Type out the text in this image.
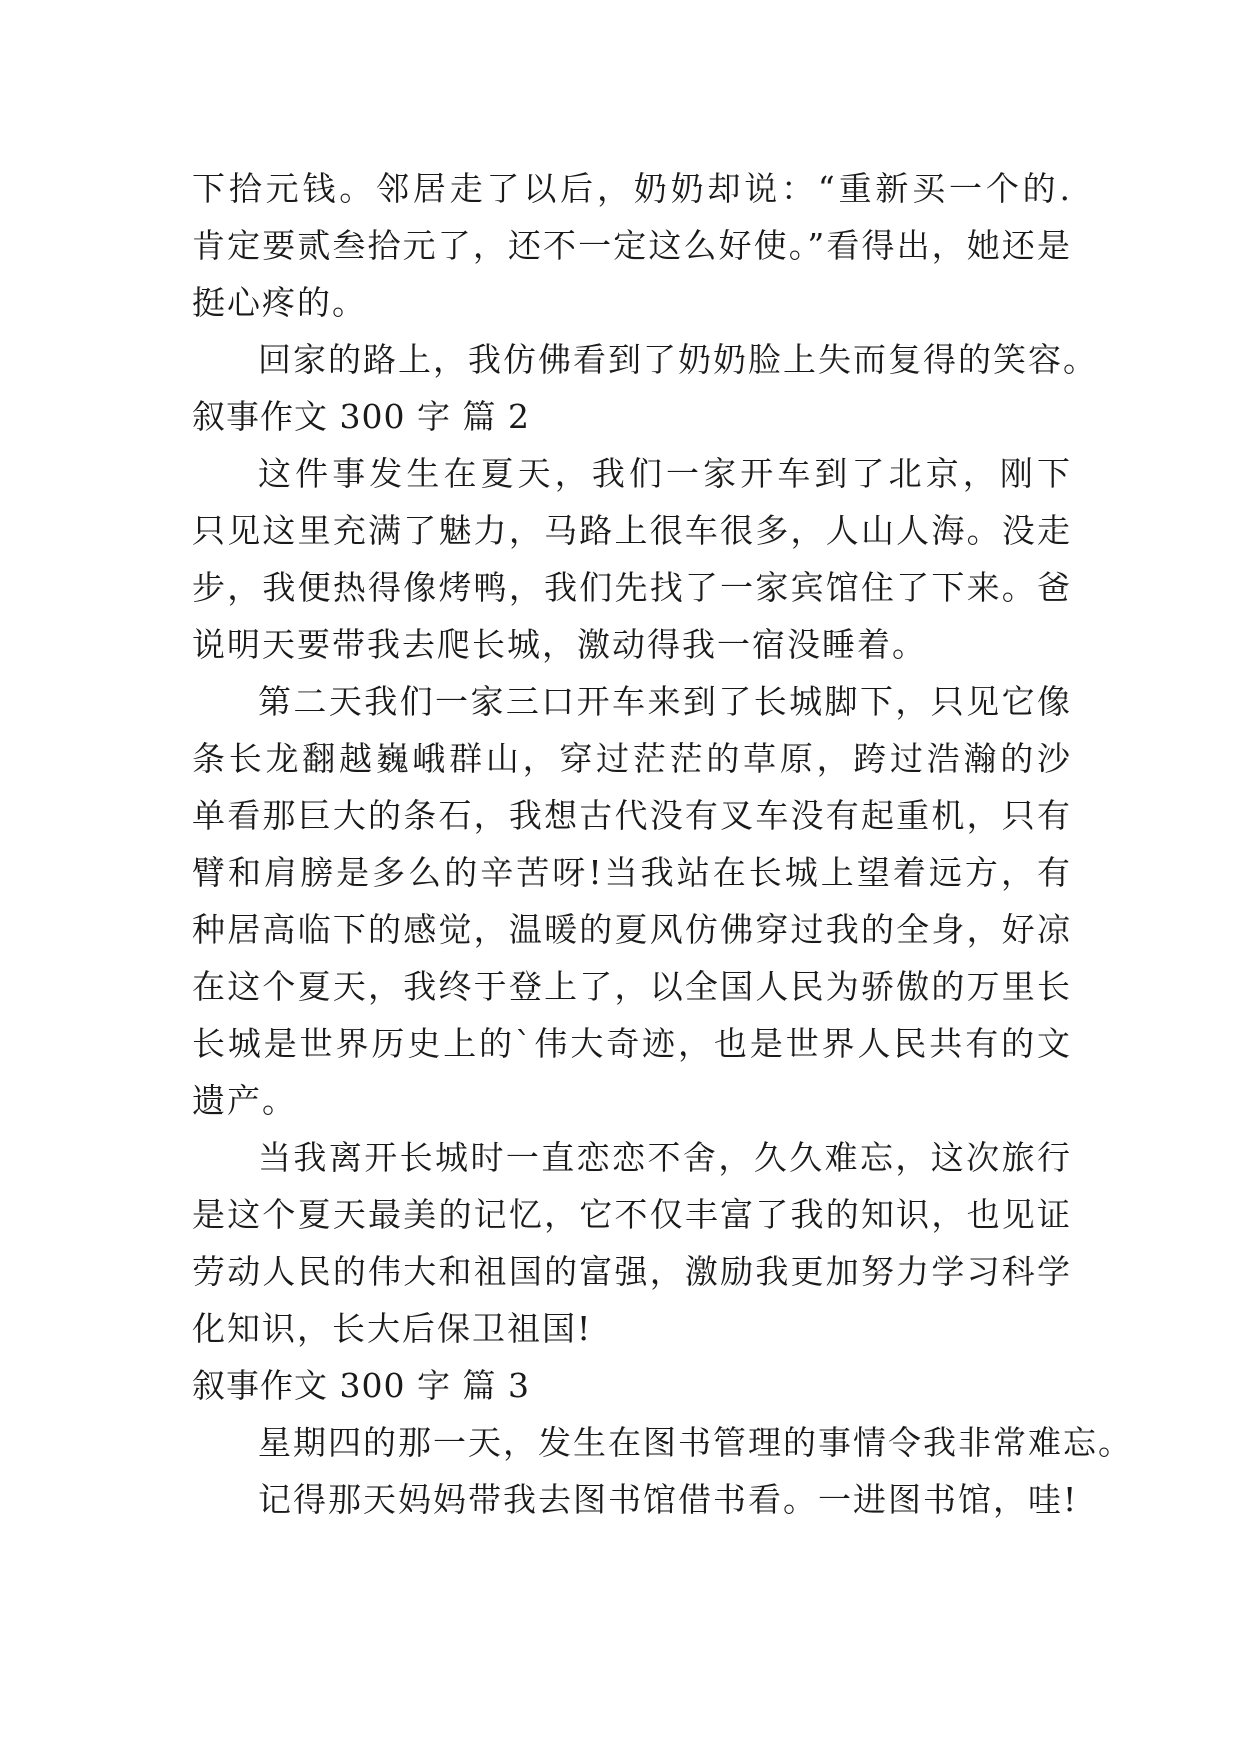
下拾元钱。邻居走了以后，奶奶却说：“重新买一个的.
肯定要贰叁拾元了，还不一定这么好使。”看得出，她还是
挺心疼的。
回家的路上，我仿佛看到了奶奶脸上失而复得的笑容。
叙事作文 300 字 篇 2
这件事发生在夏天，我们一家开车到了北京，刚下
只见这里充满了魅力，马路上很车很多，人山人海。没走
步，我便热得像烤鸭，我们先找了一家宾馆住了下来。爸
说明天要带我去爬长城，激动得我一宿没睡着。
第二天我们一家三口开车来到了长城脚下，只见它像
条长龙翻越巍峨群山，穿过茫茫的草原，跨过浩瀚的沙
单看那巨大的条石，我想古代没有叉车没有起重机，只有
臂和肩膀是多么的辛苦呀!当我站在长城上望着远方，有
种居高临下的感觉，温暖的夏风仿佛穿过我的全身，好凉
在这个夏天，我终于登上了，以全国人民为骄傲的万里长
长城是世界历史上的`伟大奇迹，也是世界人民共有的文
遗产。
当我离开长城时一直恋恋不舍，久久难忘，这次旅行
是这个夏天最美的记忆，它不仅丰富了我的知识，也见证
劳动人民的伟大和祖国的富强，激励我更加努力学习科学
化知识，长大后保卫祖国!
叙事作文 300 字 篇 3
星期四的那一天，发生在图书管理的事情令我非常难忘。
记得那天妈妈带我去图书馆借书看。一进图书馆，哇!
